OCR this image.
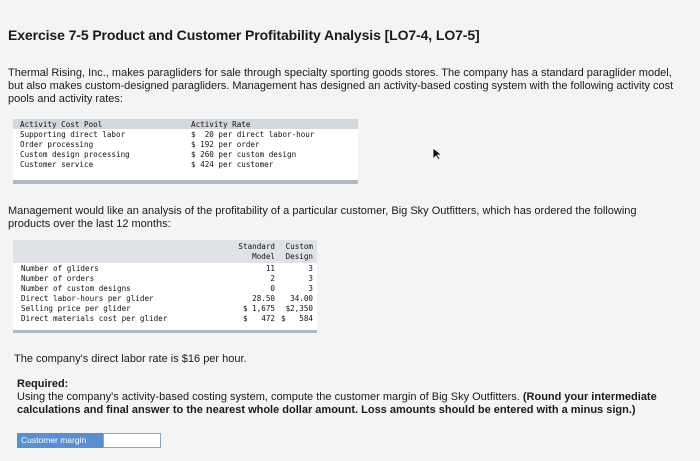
Exercise 7-5 Product and Customer Profitability Analysis [LO7-4, LO7-5]
Thermal Rising, Inc., makes paragliders for sale through specialty sporting goods stores. The company has a standard paraglider model, but also makes custom-designed paragliders. Management has designed an activity-based costing system with the following activity cost pools and activity rates:
Activity Cost Pool
Supporting direct labor
Order processing
Custom design processing
Customer service
Activity Rate
$  20 per direct labor-hour
$ 192 per order
$ 260 per custom design
$ 424 per customer
Management would like an analysis of the profitability of a particular customer, Big Sky Outfitters, which has ordered the following products over the last 12 months:
Standard
Model
Custom
Design
Number of gliders
Number of orders
Number of custom designs
Direct labor-hours per glider
Selling price per glider
Direct materials cost per glider
11
2
0
28.50
$ 1,675
$   472
3
3
3
34.00
$2,350
$   584
The company's direct labor rate is $16 per hour.
Required:
Using the company's activity-based costing system, compute the customer margin of Big Sky Outfitters. (Round your intermediate calculations and final answer to the nearest whole dollar amount. Loss amounts should be entered with a minus sign.)
Customer margin
